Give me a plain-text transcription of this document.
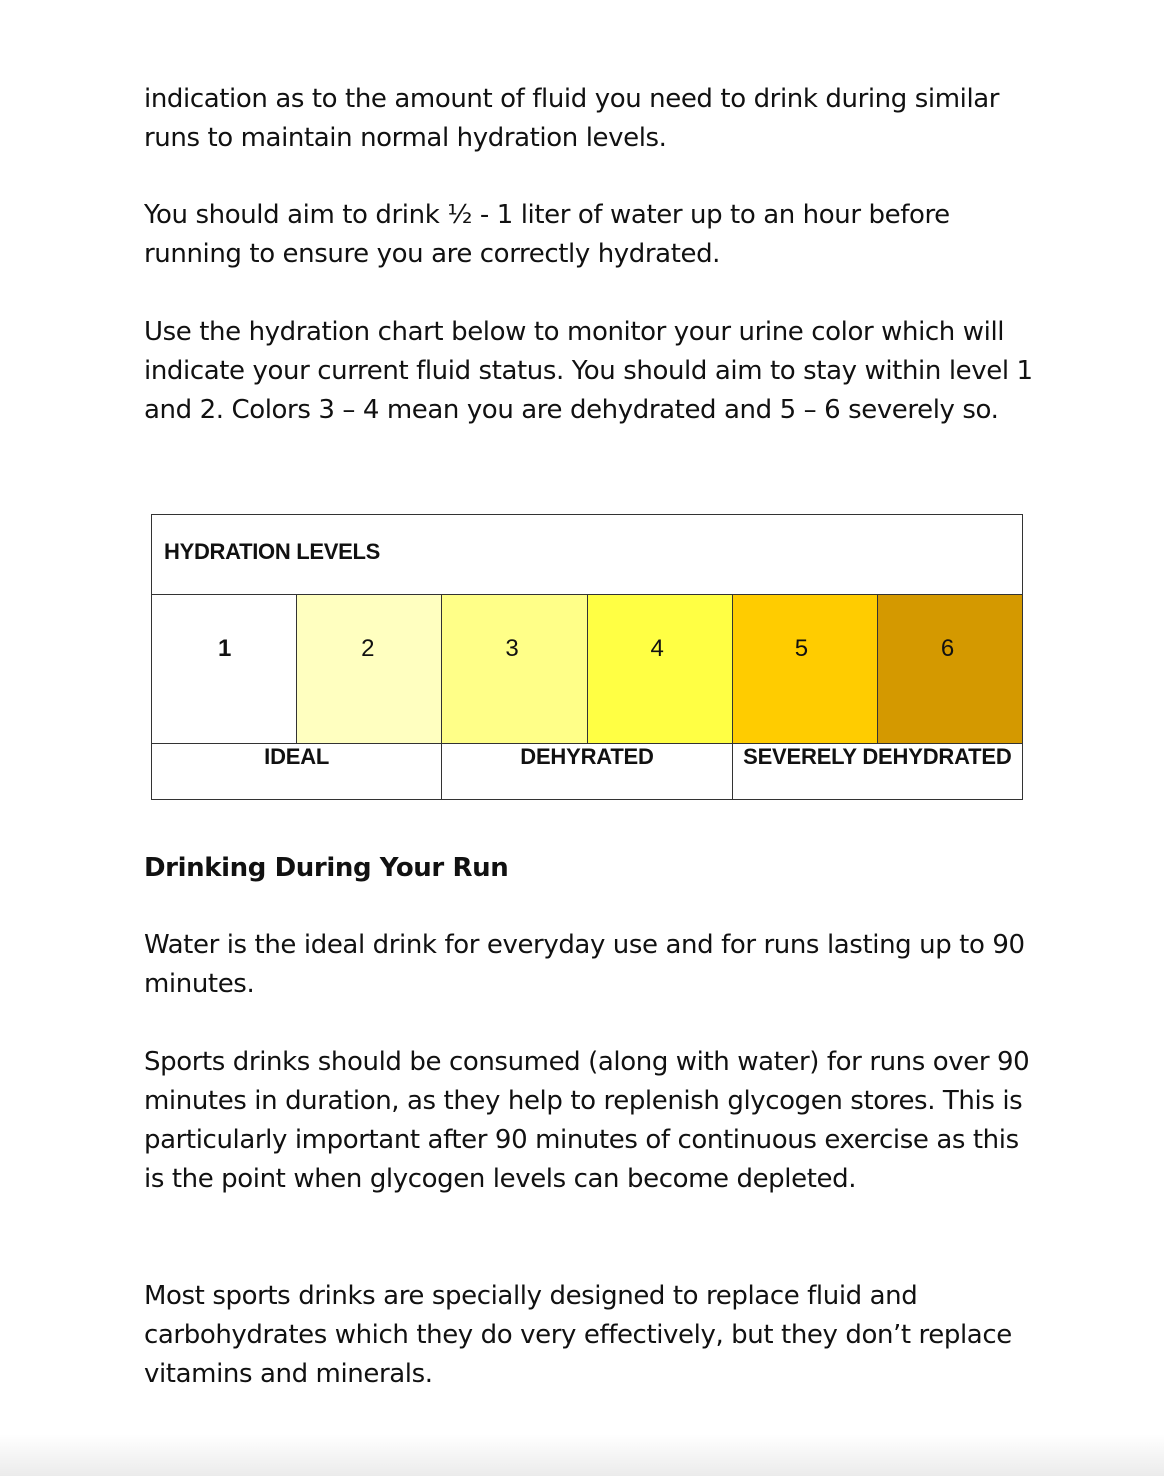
indication as to the amount of fluid you need to drink during similar runs to maintain normal hydration levels.

You should aim to drink ½ - 1 liter of water up to an hour before running to ensure you are correctly hydrated.

Use the hydration chart below to monitor your urine color which will indicate your current fluid status. You should aim to stay within level 1 and 2. Colors 3 – 4 mean you are dehydrated and 5 – 6 severely so.

HYDRATION LEVELS
1	2	3	4	5	6
IDEAL	DEHYRATED	SEVERELY DEHYDRATED

Drinking During Your Run

Water is the ideal drink for everyday use and for runs lasting up to 90 minutes.

Sports drinks should be consumed (along with water) for runs over 90 minutes in duration, as they help to replenish glycogen stores. This is particularly important after 90 minutes of continuous exercise as this is the point when glycogen levels can become depleted.

Most sports drinks are specially designed to replace fluid and carbohydrates which they do very effectively, but they don’t replace vitamins and minerals.
